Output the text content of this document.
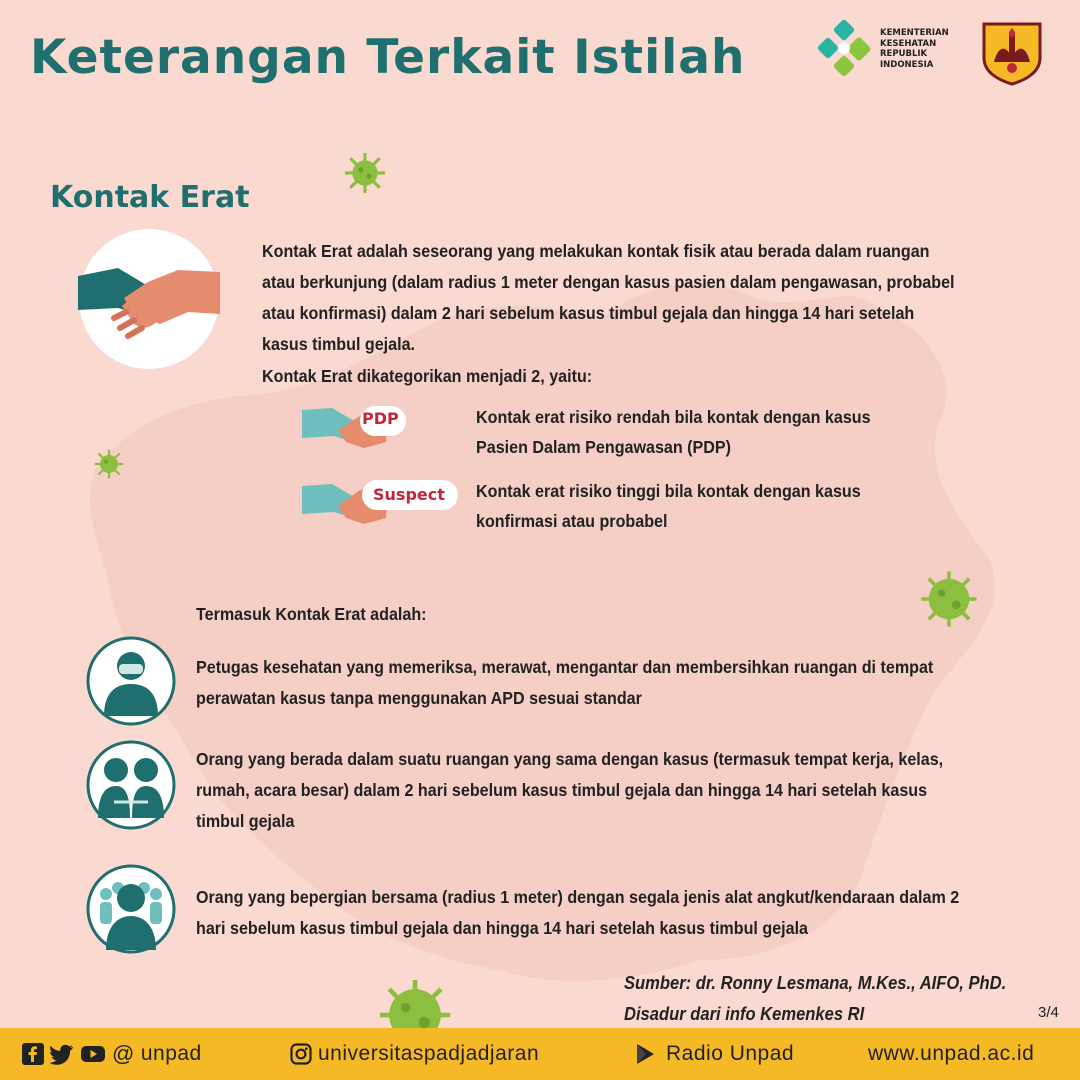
Keterangan Terkait Istilah	KEMENTERIAN
KESEHATAN
REPUBLIK
INDONESIA
Kontak Erat
Kontak Erat adalah seseorang yang melakukan kontak fisik atau berada dalam ruangan atau berkunjung (dalam radius 1 meter dengan kasus pasien dalam pengawasan, probabel atau konfirmasi) dalam 2 hari sebelum kasus timbul gejala dan hingga 14 hari setelah kasus timbul gejala.
Kontak Erat dikategorikan menjadi 2, yaitu:
PDP	Kontak erat risiko rendah bila kontak dengan kasus Pasien Dalam Pengawasan (PDP)
Suspect Kontak erat risiko tinggi bila kontak dengan kasus konfirmasi atau probabel
Termasuk Kontak Erat adalah:
Petugas kesehatan yang memeriksa, merawat, mengantar dan membersihkan ruangan di tempat perawatan kasus tanpa menggunakan APD sesuai standar
Orang yang berada dalam suatu ruangan yang sama dengan kasus (termasuk tempat kerja, kelas, rumah, acara besar) dalam 2 hari sebelum kasus timbul gejala dan hingga 14 hari setelah kasus timbul gejala
Orang yang bepergian bersama (radius 1 meter) dengan segala jenis alat angkut/kendaraan dalam 2 hari sebelum kasus timbul gejala dan hingga 14 hari setelah kasus timbul gejala
Sumber: dr. Ronny Lesmana, M.Kes., AIFO, PhD.
Disadur dari info Kemenkes RI	3/4
@ unpad	universitaspadjadjaran	Radio Unpad	www.unpad.ac.id
